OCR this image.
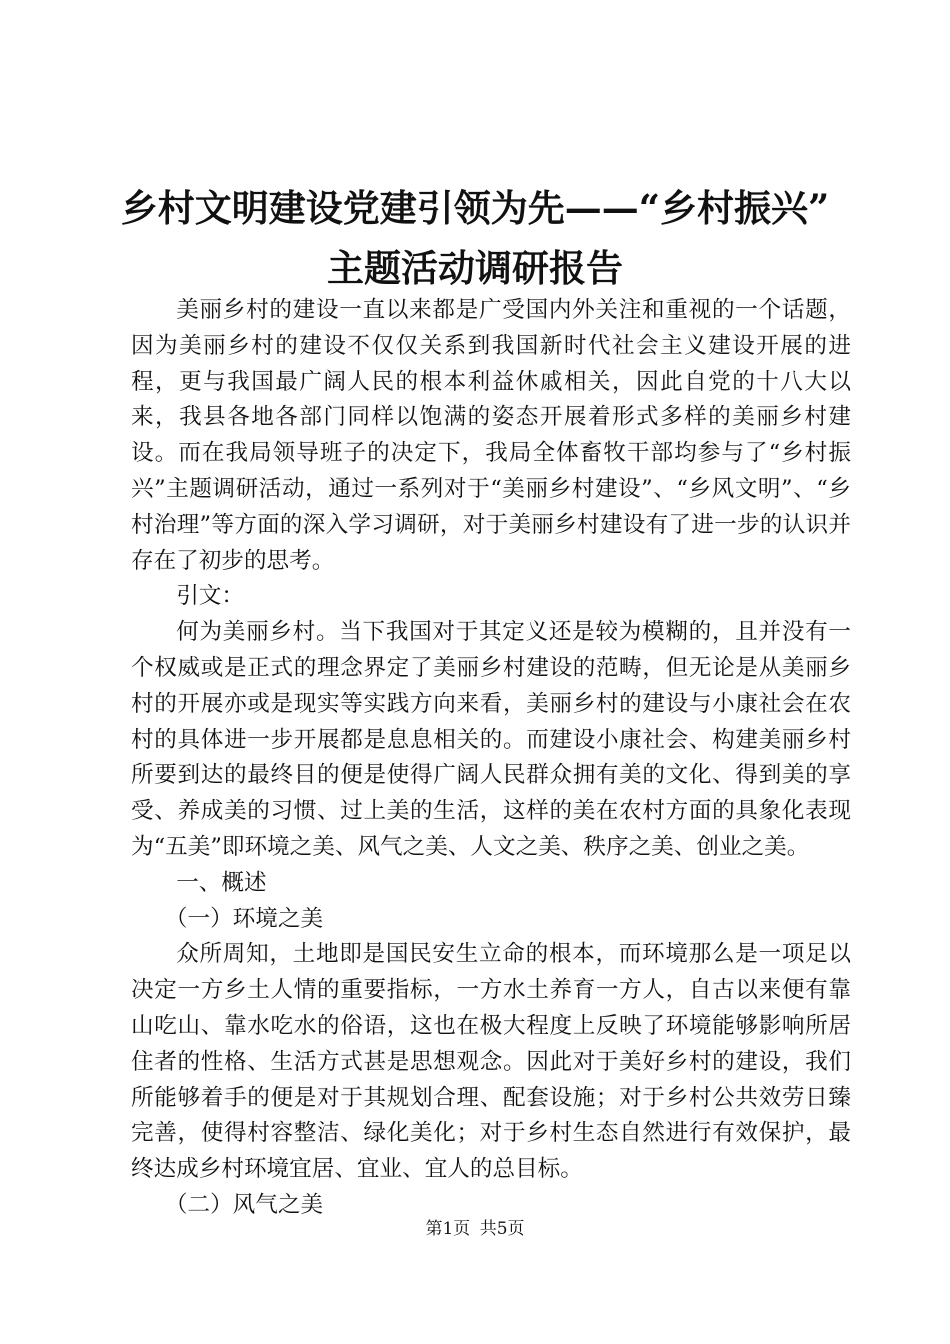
乡村文明建设党建引领为先——“乡村振兴”
主题活动调研报告

美丽乡村的建设一直以来都是广受国内外关注和重视的一个话题，因为美丽乡村的建设不仅仅关系到我国新时代社会主义建设开展的进程，更与我国最广阔人民的根本利益休戚相关，因此自党的十八大以来，我县各地各部门同样以饱满的姿态开展着形式多样的美丽乡村建设。而在我局领导班子的决定下，我局全体畜牧干部均参与了“乡村振兴”主题调研活动，通过一系列对于“美丽乡村建设”、“乡风文明”、“乡村治理”等方面的深入学习调研，对于美丽乡村建设有了进一步的认识并存在了初步的思考。

引文：

何为美丽乡村。当下我国对于其定义还是较为模糊的，且并没有一个权威或是正式的理念界定了美丽乡村建设的范畴，但无论是从美丽乡村的开展亦或是现实等实践方向来看，美丽乡村的建设与小康社会在农村的具体进一步开展都是息息相关的。而建设小康社会、构建美丽乡村所要到达的最终目的便是使得广阔人民群众拥有美的文化、得到美的享受、养成美的习惯、过上美的生活，这样的美在农村方面的具象化表现为“五美”即环境之美、风气之美、人文之美、秩序之美、创业之美。

一、概述

（一）环境之美

众所周知，土地即是国民安生立命的根本，而环境那么是一项足以决定一方乡土人情的重要指标，一方水土养育一方人，自古以来便有靠山吃山、靠水吃水的俗语，这也在极大程度上反映了环境能够影响所居住者的性格、生活方式甚是思想观念。因此对于美好乡村的建设，我们所能够着手的便是对于其规划合理、配套设施；对于乡村公共效劳日臻完善，使得村容整洁、绿化美化；对于乡村生态自然进行有效保护，最终达成乡村环境宜居、宜业、宜人的总目标。

（二）风气之美

第1页 共5页
